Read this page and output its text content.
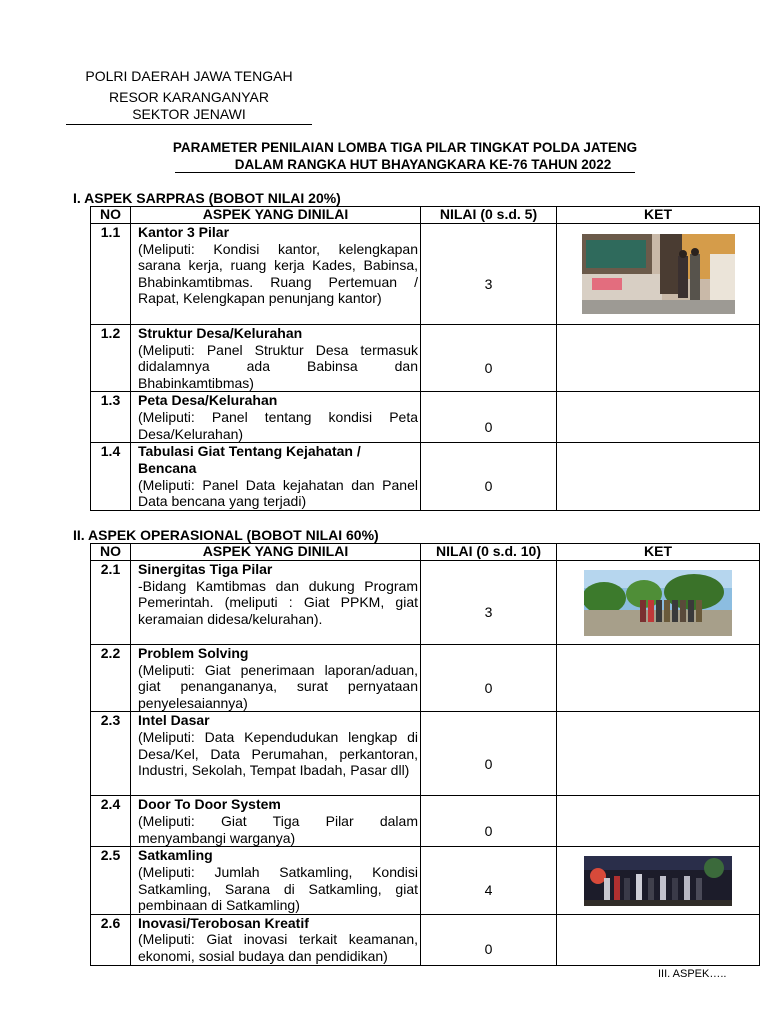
POLRI DAERAH JAWA TENGAH
RESOR KARANGANYAR
SEKTOR JENAWI
PARAMETER PENILAIAN LOMBA TIGA PILAR TINGKAT POLDA JATENG
DALAM RANGKA HUT BHAYANGKARA KE-76 TAHUN 2022
I. ASPEK SARPRAS (BOBOT NILAI 20%)
NO	ASPEK YANG DINILAI	NILAI (0 s.d. 5)	KET
1.1	Kantor 3 Pilar
(Meliputi: Kondisi kantor, kelengkapan sarana kerja, ruang kerja Kades, Babinsa, Bhabinkamtibmas. Ruang Pertemuan / Rapat, Kelengkapan penunjang kantor)	3	

1.2	Struktur Desa/Kelurahan
(Meliputi: Panel Struktur Desa termasuk didalamnya ada Babinsa dan Bhabinkamtibmas)	0	
1.3	Peta Desa/Kelurahan
(Meliputi: Panel tentang kondisi Peta Desa/Kelurahan)	0	
1.4	Tabulasi Giat Tentang Kejahatan / Bencana
(Meliputi: Panel Data kejahatan dan Panel Data bencana yang terjadi)	0	
II. ASPEK OPERASIONAL (BOBOT NILAI 60%)
NO	ASPEK YANG DINILAI	NILAI (0 s.d. 10)	KET
2.1	Sinergitas Tiga Pilar
-Bidang Kamtibmas dan dukung Program Pemerintah. (meliputi : Giat PPKM, giat keramaian didesa/kelurahan).	3	

2.2	Problem Solving
(Meliputi: Giat penerimaan laporan/aduan, giat penangananya, surat pernyataan penyelesaiannya)	0	
2.3	Intel Dasar
(Meliputi: Data Kependudukan lengkap di Desa/Kel, Data Perumahan, perkantoran, Industri, Sekolah, Tempat Ibadah, Pasar dll)	0	
2.4	Door To Door System
(Meliputi: Giat Tiga Pilar dalam menyambangi warganya)	0	
2.5	Satkamling
(Meliputi: Jumlah Satkamling, Kondisi Satkamling, Sarana di Satkamling, giat pembinaan di Satkamling)	4	

2.6	Inovasi/Terobosan Kreatif
(Meliputi: Giat inovasi terkait keamanan, ekonomi, sosial budaya dan pendidikan)	0	
III. ASPEK…..
